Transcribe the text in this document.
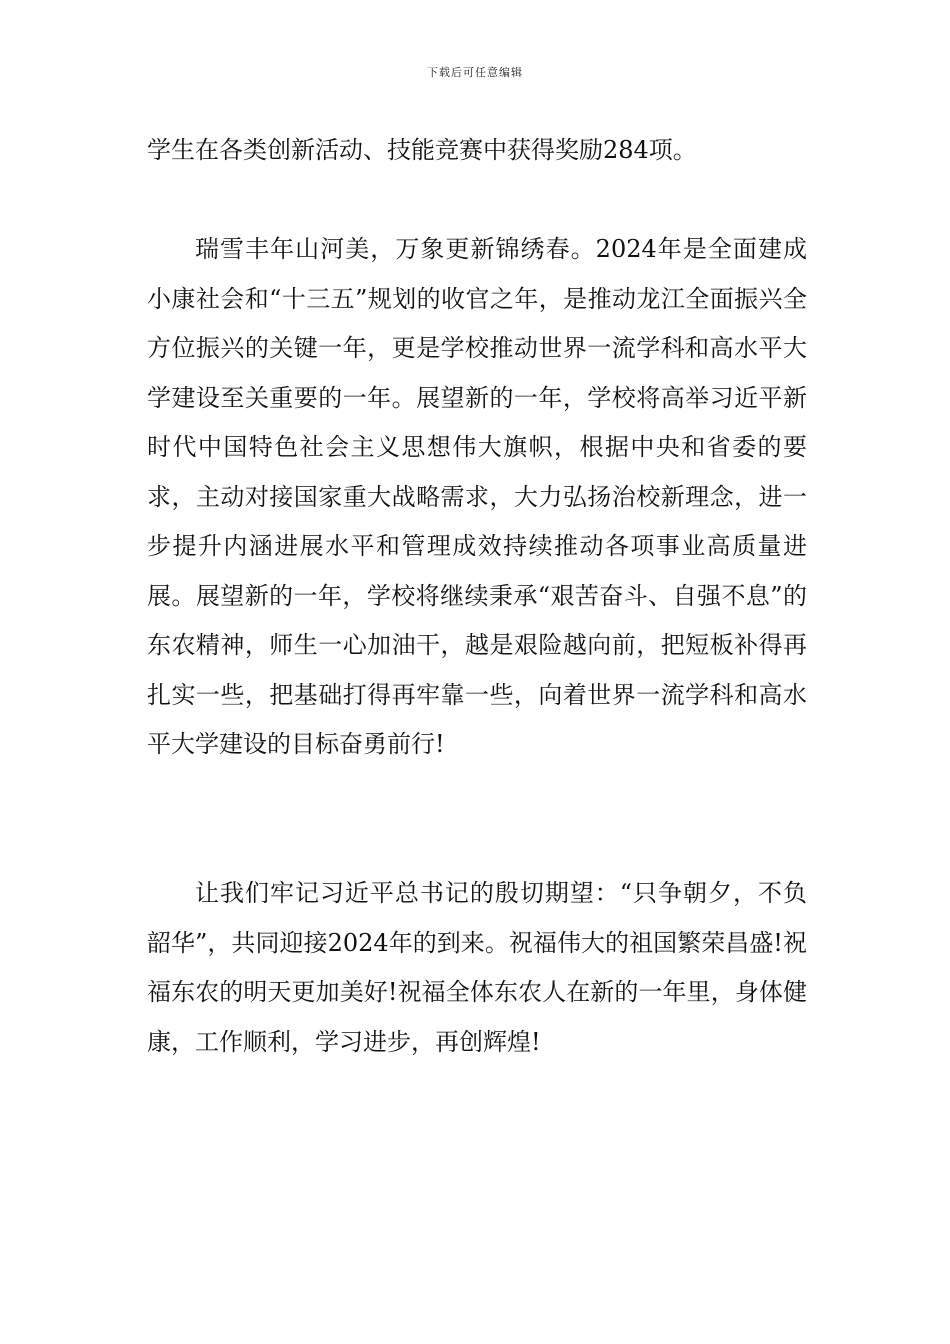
下载后可任意编辑

学生在各类创新活动、技能竞赛中获得奖励284项。

瑞雪丰年山河美，万象更新锦绣春。2024年是全面建成小康社会和“十三五”规划的收官之年，是推动龙江全面振兴全方位振兴的关键一年，更是学校推动世界一流学科和高水平大学建设至关重要的一年。展望新的一年，学校将高举习近平新时代中国特色社会主义思想伟大旗帜，根据中央和省委的要求，主动对接国家重大战略需求，大力弘扬治校新理念，进一步提升内涵进展水平和管理成效持续推动各项事业高质量进展。展望新的一年，学校将继续秉承“艰苦奋斗、自强不息”的东农精神，师生一心加油干，越是艰险越向前，把短板补得再扎实一些，把基础打得再牢靠一些，向着世界一流学科和高水平大学建设的目标奋勇前行!

让我们牢记习近平总书记的殷切期望：“只争朝夕，不负韶华”，共同迎接2024年的到来。祝福伟大的祖国繁荣昌盛!祝福东农的明天更加美好!祝福全体东农人在新的一年里，身体健康，工作顺利，学习进步，再创辉煌!
